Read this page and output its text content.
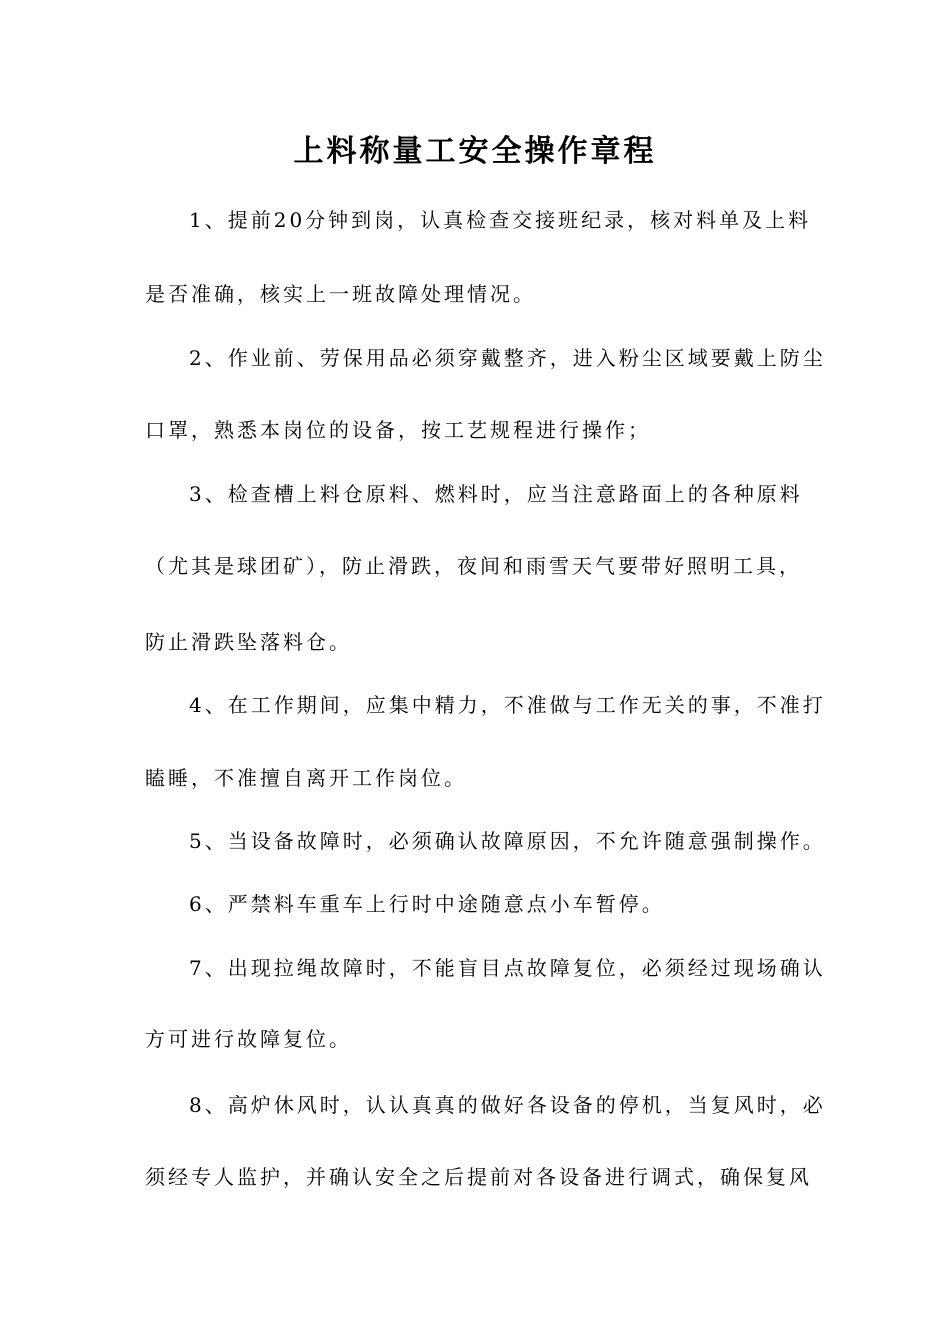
上料称量工安全操作章程
1、提前20分钟到岗，认真检查交接班纪录，核对料单及上料
是否准确，核实上一班故障处理情况。
2、作业前、劳保用品必须穿戴整齐，进入粉尘区域要戴上防尘
口罩，熟悉本岗位的设备，按工艺规程进行操作；
3、检查槽上料仓原料、燃料时，应当注意路面上的各种原料
（尤其是球团矿），防止滑跌，夜间和雨雪天气要带好照明工具，
防止滑跌坠落料仓。
4、在工作期间，应集中精力，不准做与工作无关的事，不准打
瞌睡，不准擅自离开工作岗位。
5、当设备故障时，必须确认故障原因，不允许随意强制操作。
6、严禁料车重车上行时中途随意点小车暂停。
7、出现拉绳故障时，不能盲目点故障复位，必须经过现场确认
方可进行故障复位。
8、高炉休风时，认认真真的做好各设备的停机，当复风时，必
须经专人监护，并确认安全之后提前对各设备进行调式，确保复风
